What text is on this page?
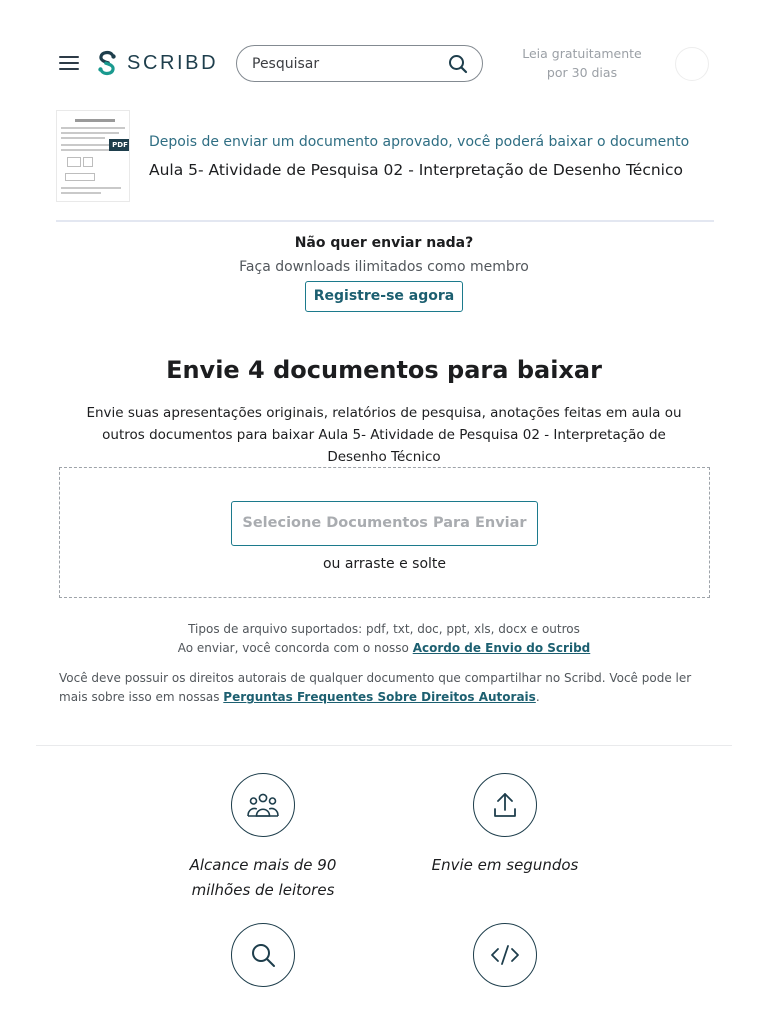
SCRIBD
Pesquisar	Leia gratuitamente
por 30 dias
PDF Depois de enviar um documento aprovado, você poderá baixar o documento
Aula 5- Atividade de Pesquisa 02 - Interpretação de Desenho Técnico
Não quer enviar nada?
Faça downloads ilimitados como membro
Registre-se agora
Envie 4 documentos para baixar
Envie suas apresentações originais, relatórios de pesquisa, anotações feitas em aula ou outros documentos para baixar Aula 5- Atividade de Pesquisa 02 - Interpretação de Desenho Técnico
Selecione Documentos Para Enviar
ou arraste e solte
Tipos de arquivo suportados: pdf, txt, doc, ppt, xls, docx e outros
Ao enviar, você concorda com o nosso Acordo de Envio do Scribd
Você deve possuir os direitos autorais de qualquer documento que compartilhar no Scribd. Você pode ler mais sobre isso em nossas Perguntas Frequentes Sobre Direitos Autorais.
Alcance mais de 90
milhões de leitores
Envie em segundos
